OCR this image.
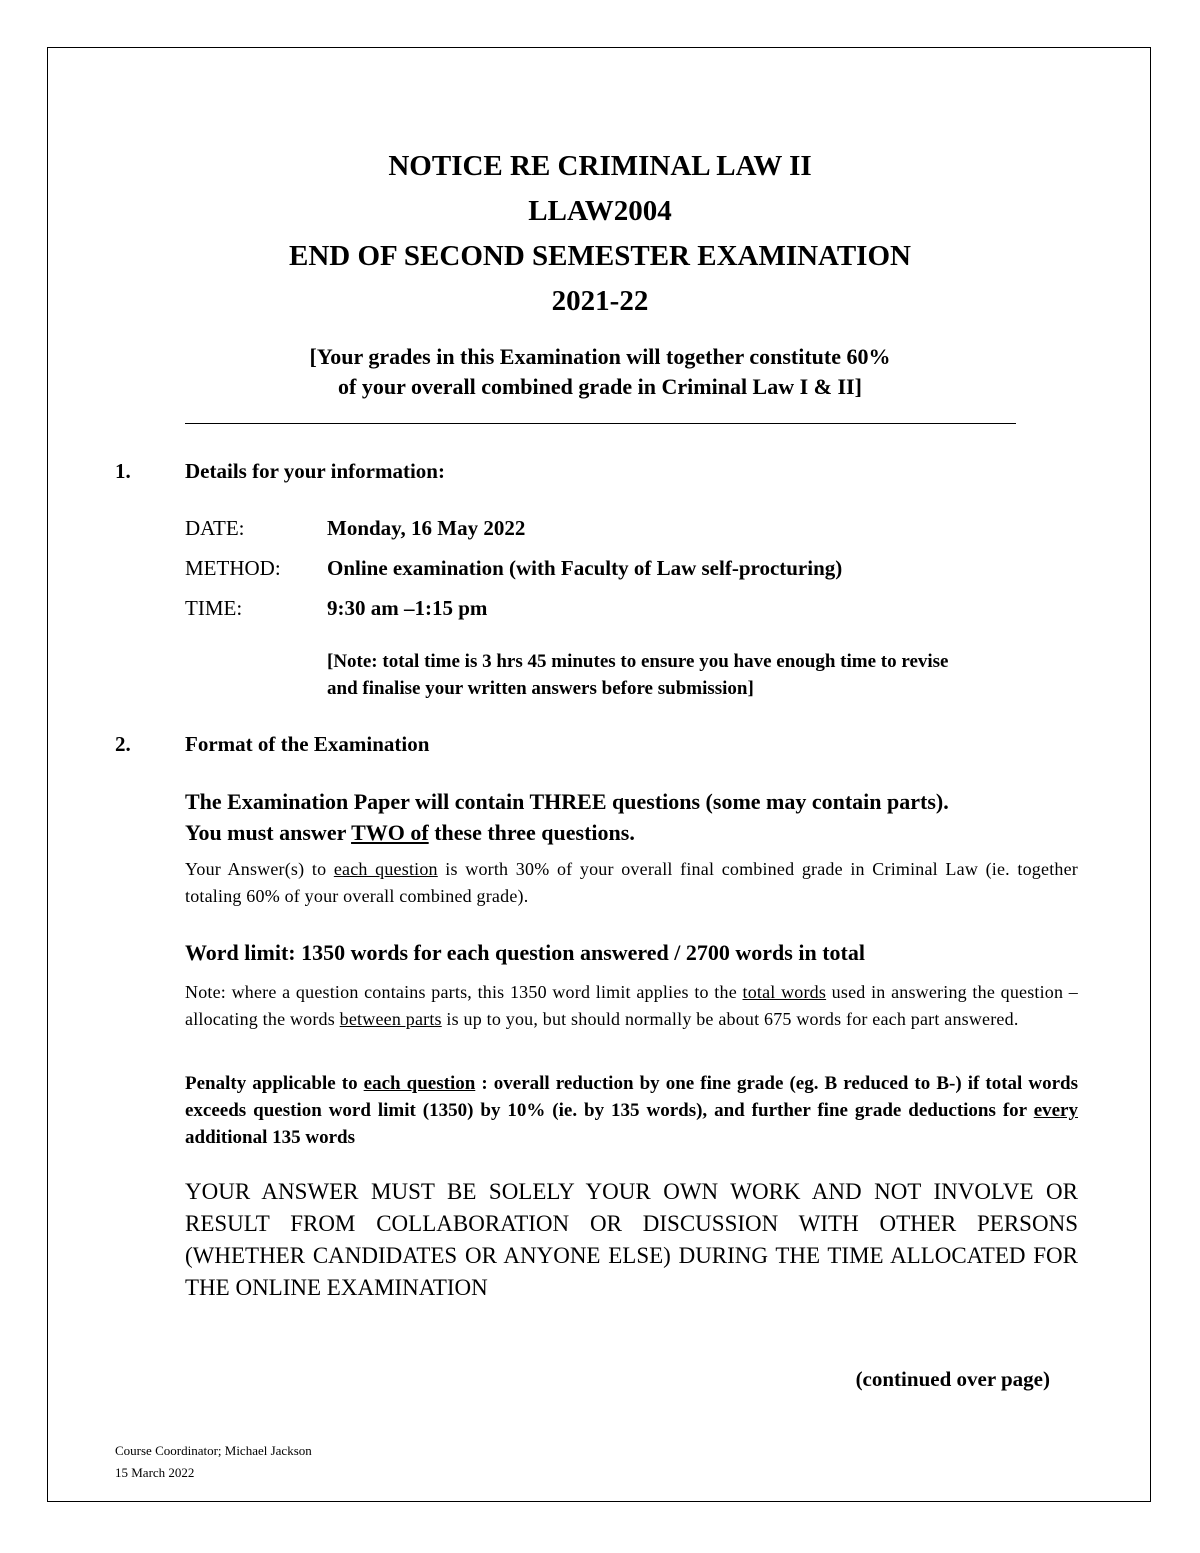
NOTICE RE CRIMINAL LAW II
LLAW2004
END OF SECOND SEMESTER EXAMINATION
2021-22
[Your grades in this Examination will together constitute 60%
of your overall combined grade in Criminal Law I & II]
1.	Details for your information:
DATE:	Monday, 16 May 2022
METHOD: Online examination (with Faculty of Law self-procturing)
TIME:	9:30 am –1:15 pm
[Note: total time is 3 hrs 45 minutes to ensure you have enough time to revise
and finalise your written answers before submission]
2.	Format of the Examination
The Examination Paper will contain THREE questions (some may contain parts).
You must answer TWO of these three questions.
Your Answer(s) to each question is worth 30% of your overall final combined grade in Criminal Law (ie. together totaling 60% of your overall combined grade).
Word limit: 1350 words for each question answered / 2700 words in total
Note: where a question contains parts, this 1350 word limit applies to the total words used in answering the question – allocating the words between parts is up to you, but should normally be about 675 words for each part answered.
Penalty applicable to each question : overall reduction by one fine grade (eg. B reduced to B-) if total words exceeds question word limit (1350) by 10% (ie. by 135 words), and further fine grade deductions for every additional 135 words
YOUR ANSWER MUST BE SOLELY YOUR OWN WORK AND NOT INVOLVE OR RESULT FROM COLLABORATION OR DISCUSSION WITH OTHER PERSONS (WHETHER CANDIDATES OR ANYONE ELSE) DURING THE TIME ALLOCATED FOR THE ONLINE EXAMINATION
(continued over page)
Course Coordinator; Michael Jackson
15 March 2022
